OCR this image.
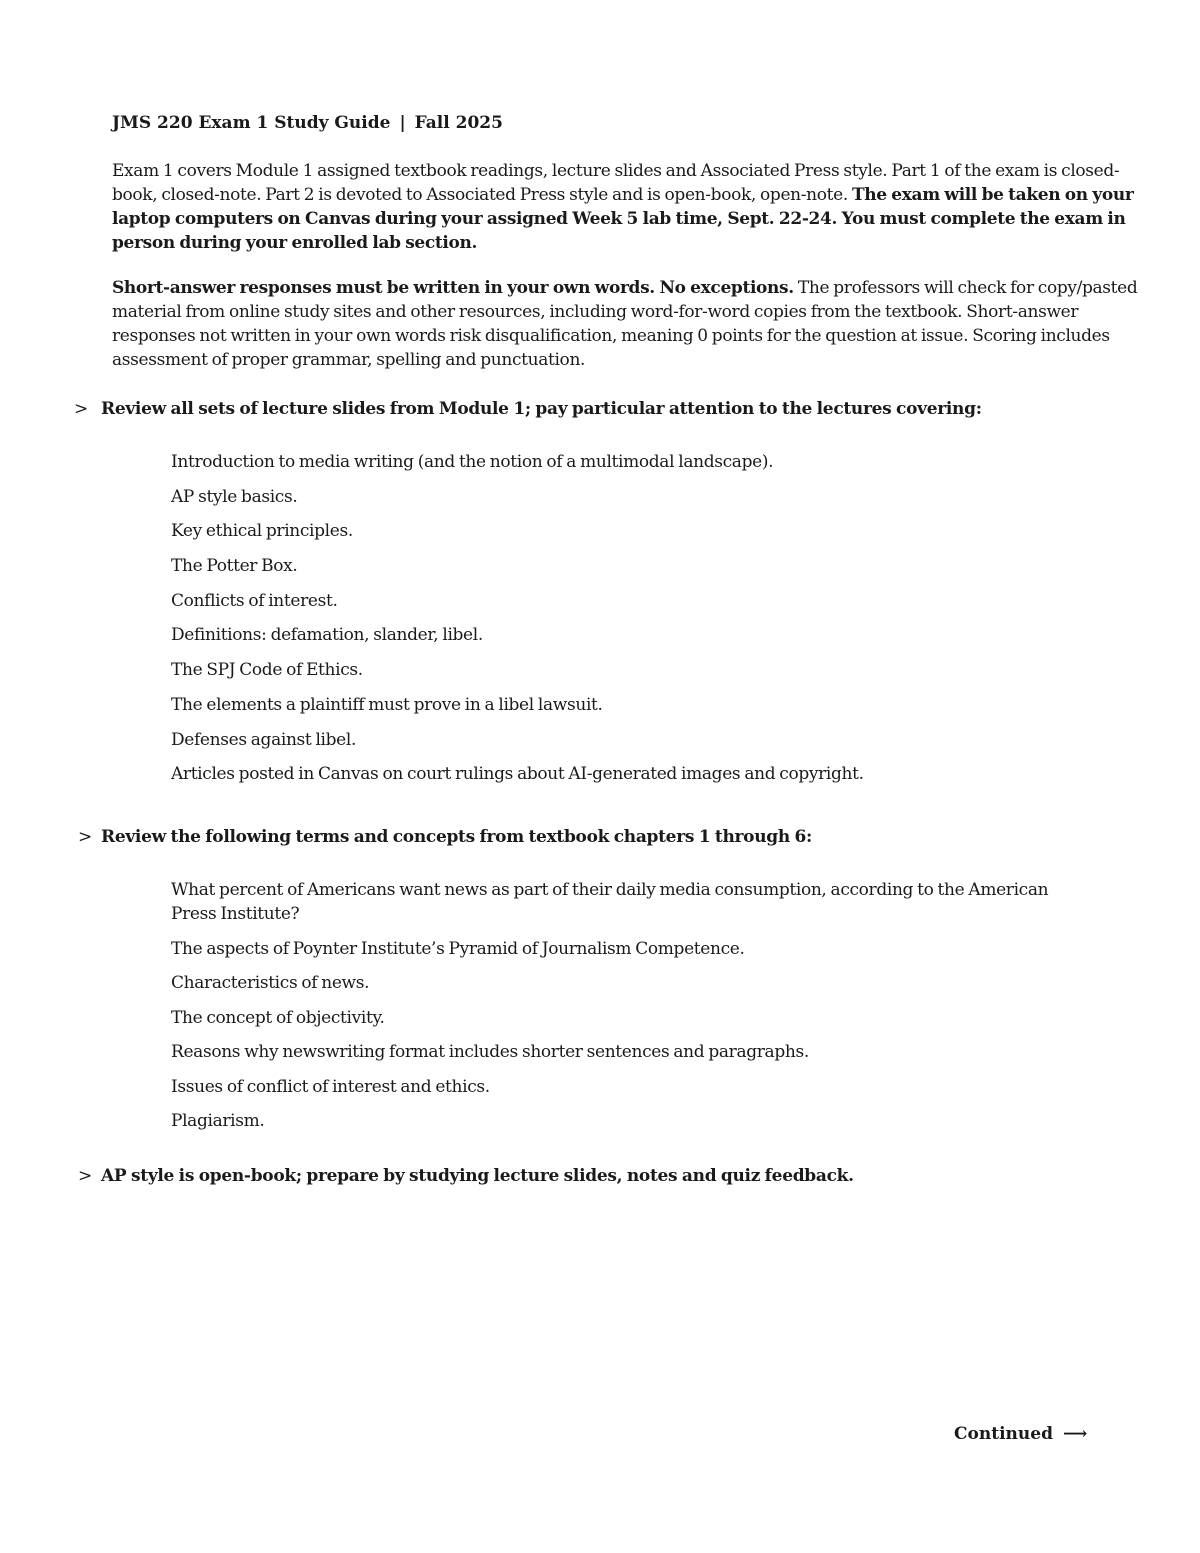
JMS 220 Exam 1 Study Guide | Fall 2025

Exam 1 covers Module 1 assigned textbook readings, lecture slides and Associated Press style. Part 1 of the exam is closed-book, closed-note. Part 2 is devoted to Associated Press style and is open-book, open-note. The exam will be taken on your laptop computers on Canvas during your assigned Week 5 lab time, Sept. 22-24. You must complete the exam in person during your enrolled lab section.

Short-answer responses must be written in your own words. No exceptions. The professors will check for copy/pasted material from online study sites and other resources, including word-for-word copies from the textbook. Short-answer responses not written in your own words risk disqualification, meaning 0 points for the question at issue. Scoring includes assessment of proper grammar, spelling and punctuation.

> Review all sets of lecture slides from Module 1; pay particular attention to the lectures covering:
Introduction to media writing (and the notion of a multimodal landscape).
AP style basics.
Key ethical principles.
The Potter Box.
Conflicts of interest.
Definitions: defamation, slander, libel.
The SPJ Code of Ethics.
The elements a plaintiff must prove in a libel lawsuit.
Defenses against libel.
Articles posted in Canvas on court rulings about AI-generated images and copyright.
> Review the following terms and concepts from textbook chapters 1 through 6:
What percent of Americans want news as part of their daily media consumption, according to the American Press Institute?
The aspects of Poynter Institute’s Pyramid of Journalism Competence.
Characteristics of news.
The concept of objectivity.
Reasons why newswriting format includes shorter sentences and paragraphs.
Issues of conflict of interest and ethics.
Plagiarism.
> AP style is open-book; prepare by studying lecture slides, notes and quiz feedback.
Continued ⟶
